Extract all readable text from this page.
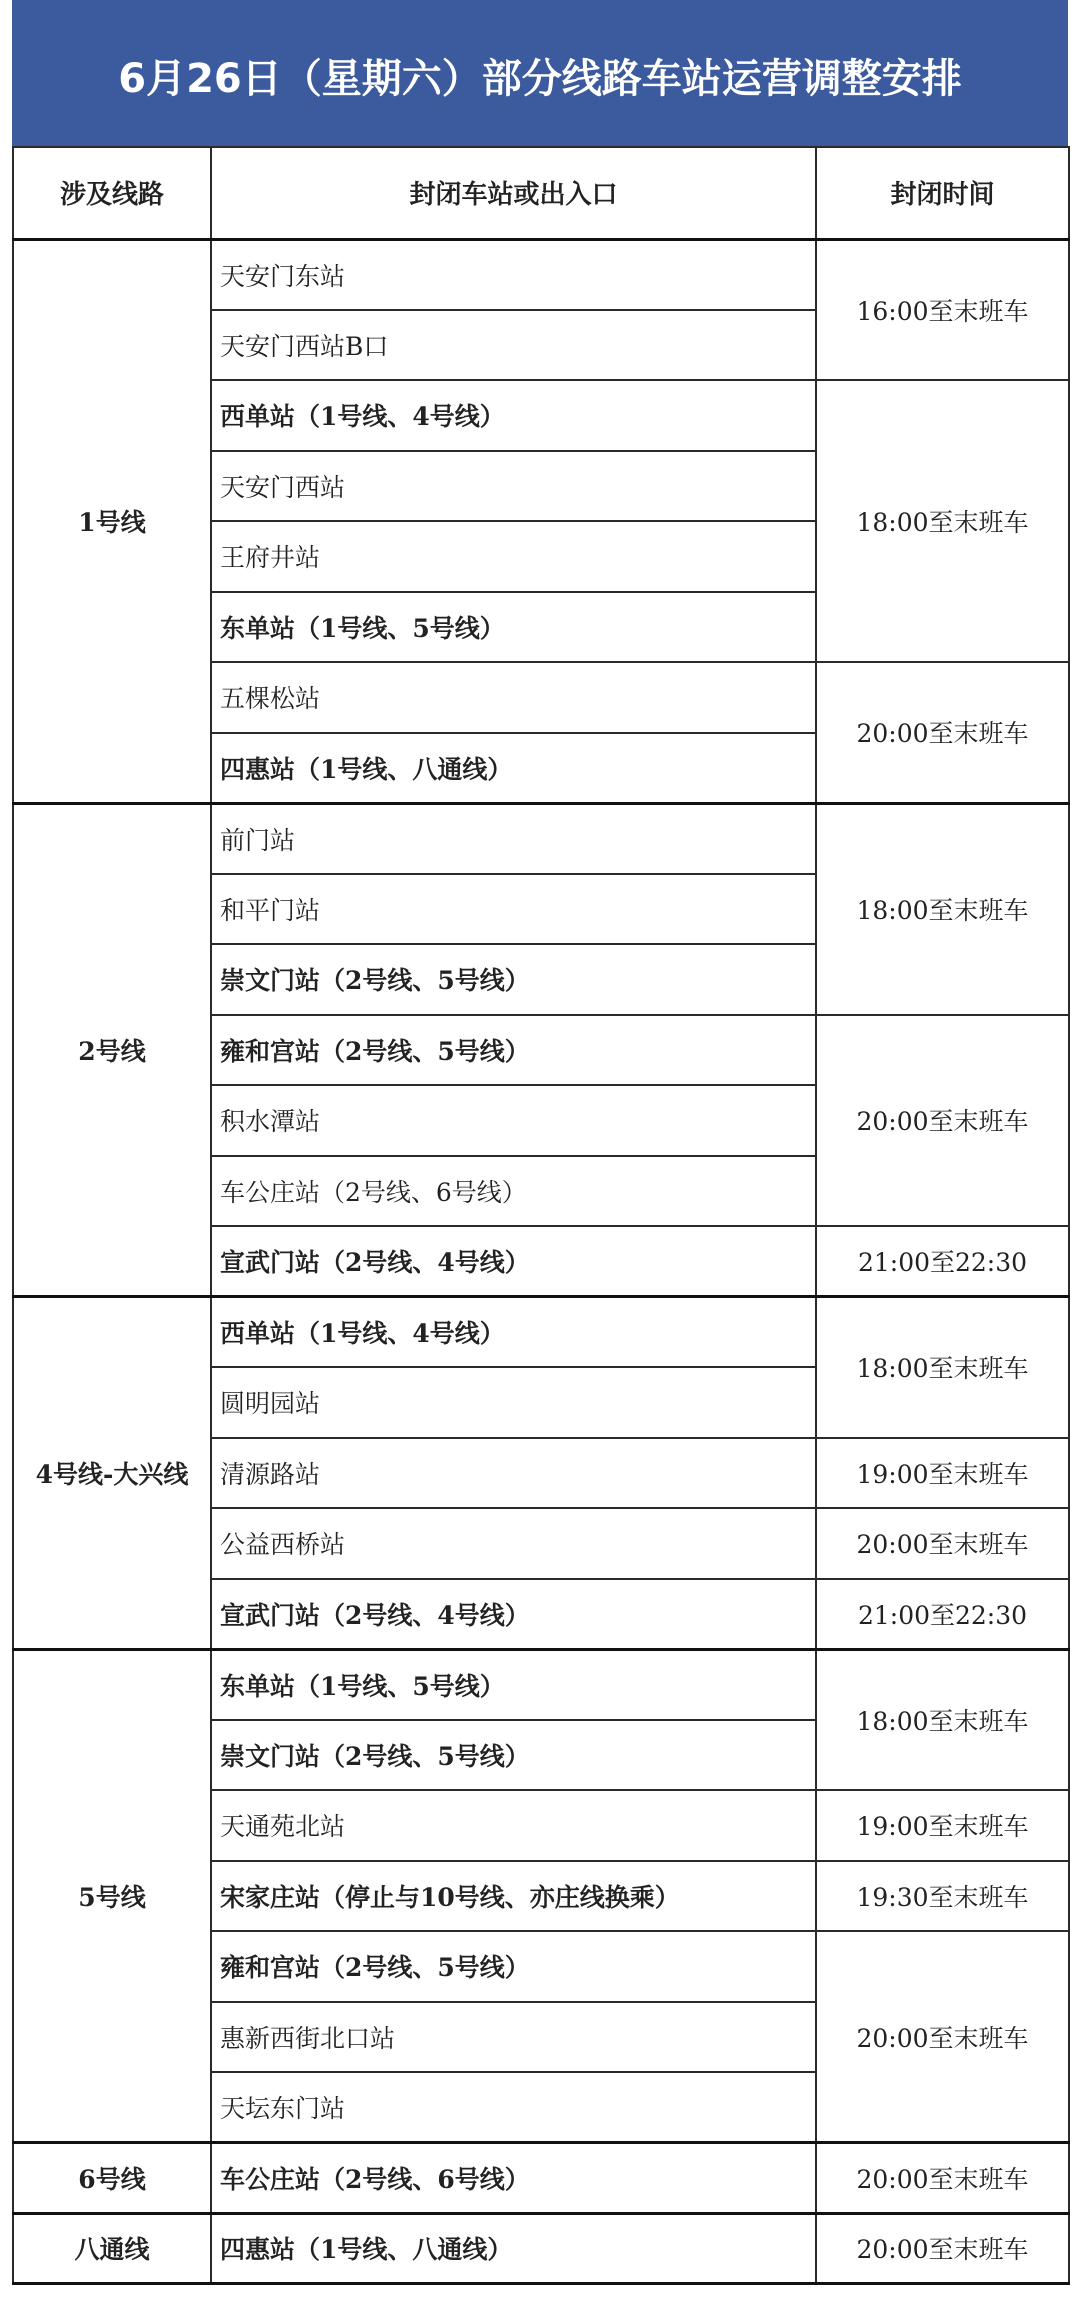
6月26日（星期六）部分线路车站运营调整安排
涉及线路	封闭车站或出入口	封闭时间
1号线	天安门东站	16:00至末班车
	天安门西站B口	
	西单站（1号线、4号线）	18:00至末班车
	天安门西站	
	王府井站	
	东单站（1号线、5号线）	
	五棵松站	20:00至末班车
	四惠站（1号线、八通线）	
2号线	前门站	18:00至末班车
	和平门站	
	崇文门站（2号线、5号线）	
	雍和宫站（2号线、5号线）	20:00至末班车
	积水潭站	
	车公庄站（2号线、6号线）	
	宣武门站（2号线、4号线）	21:00至22:30
4号线-大兴线	西单站（1号线、4号线）	18:00至末班车
	圆明园站	
	清源路站	19:00至末班车
	公益西桥站	20:00至末班车
	宣武门站（2号线、4号线）	21:00至22:30
5号线	东单站（1号线、5号线）	18:00至末班车
	崇文门站（2号线、5号线）	
	天通苑北站	19:00至末班车
	宋家庄站（停止与10号线、亦庄线换乘）	19:30至末班车
	雍和宫站（2号线、5号线）	20:00至末班车
	惠新西街北口站	
	天坛东门站	
6号线	车公庄站（2号线、6号线）	20:00至末班车
八通线	四惠站（1号线、八通线）	20:00至末班车
